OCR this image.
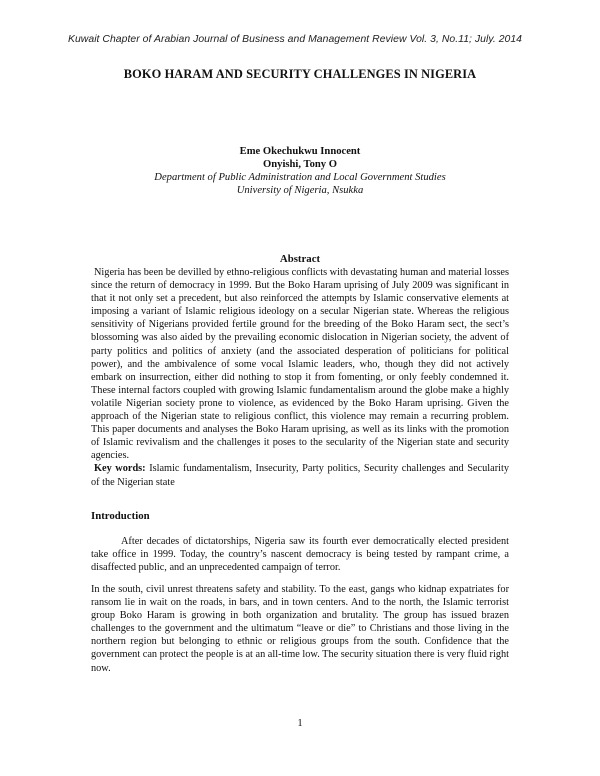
Kuwait Chapter of Arabian Journal of Business and Management Review Vol. 3, No.11; July. 2014
BOKO HARAM AND SECURITY CHALLENGES IN NIGERIA
Eme Okechukwu Innocent
Onyishi, Tony O
Department of Public Administration and Local Government Studies
University of Nigeria, Nsukka
Abstract

Nigeria has been be devilled by ethno-religious conflicts with devastating human and material losses since the return of democracy in 1999. But the Boko Haram uprising of July 2009 was significant in that it not only set a precedent, but also reinforced the attempts by Islamic conservative elements at imposing a variant of Islamic religious ideology on a secular Nigerian state. Whereas the religious sensitivity of Nigerians provided fertile ground for the breeding of the Boko Haram sect, the sect’s blossoming was also aided by the prevailing economic dislocation in Nigerian society, the advent of party politics and politics of anxiety (and the associated desperation of politicians for political power), and the ambivalence of some vocal Islamic leaders, who, though they did not actively embark on insurrection, either did nothing to stop it from fomenting, or only feebly condemned it. These internal factors coupled with growing Islamic fundamentalism around the globe make a highly volatile Nigerian society prone to violence, as evidenced by the Boko Haram uprising. Given the approach of the Nigerian state to religious conflict, this violence may remain a recurring problem. This paper documents and analyses the Boko Haram uprising, as well as its links with the promotion of Islamic revivalism and the challenges it poses to the secularity of the Nigerian state and security agencies.

Key words: Islamic fundamentalism, Insecurity, Party politics, Security challenges and Secularity of the Nigerian state

Introduction

After decades of dictatorships, Nigeria saw its fourth ever democratically elected president take office in 1999. Today, the country’s nascent democracy is being tested by rampant crime, a disaffected public, and an unprecedented campaign of terror.

In the south, civil unrest threatens safety and stability. To the east, gangs who kidnap expatriates for ransom lie in wait on the roads, in bars, and in town centers. And to the north, the Islamic terrorist group Boko Haram is growing in both organization and brutality. The group has issued brazen challenges to the government and the ultimatum “leave or die” to Christians and those living in the northern region but belonging to ethnic or religious groups from the south. Confidence that the government can protect the people is at an all-time low. The security situation there is very fluid right now.

1
